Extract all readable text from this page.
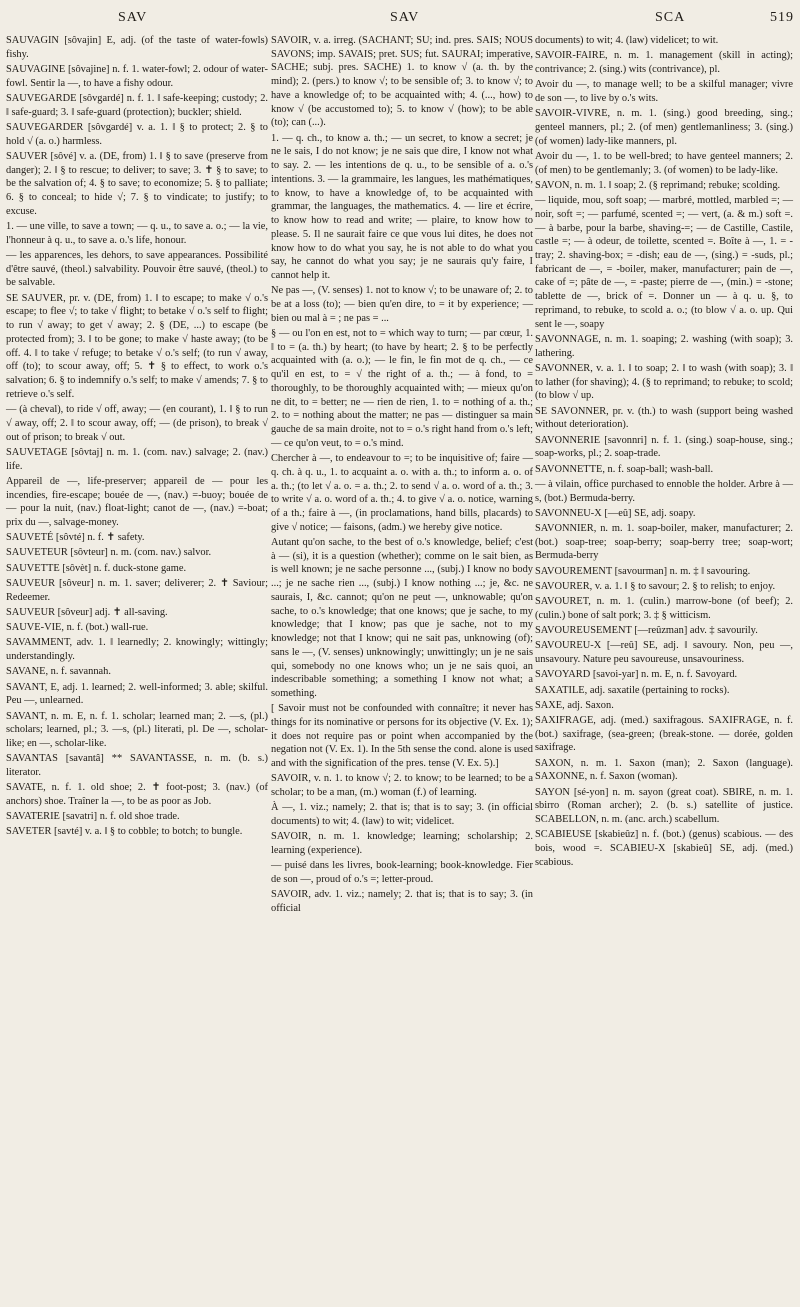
SAV	SAV	SCA	519

SAUVAGIN [sôvajin] E, adj. (of the taste of water-fowls) fishy.

SAUVAGINE [sôvajine] n. f. 1. water-fowl; 2. odour of water-fowl. Sentir la —, to have a fishy odour.

SAUVEGARDE [sôvgardé] n. f. 1. ‖ safe-keeping; custody; 2. ‖ safe-guard; 3. ‖ safe-guard (protection); buckler; shield.

SAUVEGARDER [sôvgardé] v. a. 1. ‖ § to protect; 2. § to hold √ (a. o.) harmless.

SAUVER [sôvé] v. a. (DE, from) 1. ‖ § to save (preserve from danger); 2. ‖ § to rescue; to deliver; to save; 3. ✝ § to save; to be the salvation of; 4. § to save; to economize; 5. § to palliate; 6. § to conceal; to hide √; 7. § to vindicate; to justify; to excuse.

1. — une ville, to save a town; — q. u., to save a. o.; — la vie, l'honneur à q. u., to save a. o.'s life, honour.

— les apparences, les dehors, to save appearances. Possibilité d'être sauvé, (theol.) salvability. Pouvoir être sauvé, (theol.) to be salvable.

SE SAUVER, pr. v. (DE, from) 1. ‖ to escape; to make √ o.'s escape; to flee √; to take √ flight; to betake √ o.'s self to flight; to run √ away; to get √ away; 2. § (DE, ...) to escape (be protected from); 3. ‖ to be gone; to make √ haste away; (to be off. 4. ‖ to take √ refuge; to betake √ o.'s self; (to run √ away, off (to); to scour away, off; 5. ✝ § to effect, to work o.'s salvation; 6. § to indemnify o.'s self; to make √ amends; 7. § to retrieve o.'s self.

— (à cheval), to ride √ off, away; — (en courant), 1. ‖ § to run √ away, off; 2. ‖ to scour away, off; — (de prison), to break √ out of prison; to break √ out.

SAUVETAGE [sôvtaj] n. m. 1. (com. nav.) salvage; 2. (nav.) life.

Appareil de —, life-preserver; appareil de — pour les incendies, fire-escape; bouée de —, (nav.) =-buoy; bouée de — pour la nuit, (nav.) float-light; canot de —, (nav.) =-boat; prix du —, salvage-money.

SAUVETÉ [sôvté] n. f. ✝ safety.

SAUVETEUR [sôvteur] n. m. (com. nav.) salvor.

SAUVETTE [sôvèt] n. f. duck-stone game.

SAUVEUR [sôveur] n. m. 1. saver; deliverer; 2. ✝ Saviour; Redeemer.

SAUVEUR [sôveur] adj. ✝ all-saving.

SAUVE-VIE, n. f. (bot.) wall-rue.

SAVAMMENT, adv. 1. ‖ learnedly; 2. knowingly; wittingly; understandingly.

SAVANE, n. f. savannah.

SAVANT, E, adj. 1. learned; 2. well-informed; 3. able; skilful. Peu —, unlearned.

SAVANT, n. m. E, n. f. 1. scholar; learned man; 2. —s, (pl.) scholars; learned, pl.; 3. —s, (pl.) literati, pl. De —, scholar-like; en —, scholar-like.

SAVANTAS [savantâ] ** SAVANTASSE, n. m. (b. s.) literator.

SAVATE, n. f. 1. old shoe; 2. ✝ foot-post; 3. (nav.) (of anchors) shoe. Traîner la —, to be as poor as Job.

SAVATERIE [savatri] n. f. old shoe trade.

SAVETER [savté] v. a. ‖ § to cobble; to botch; to bungle.

SAVOIR, v. a. irreg. (SACHANT; SU; ind. pres. SAIS; NOUS SAVONS; imp. SAVAIS; pret. SUS; fut. SAURAI; imperative, SACHE; subj. pres. SACHE) 1. to know √ (a. th. by the mind); 2. (pers.) to know √; to be sensible of; 3. to know √; to have a knowledge of; to be acquainted with; 4. (..., how) to know √ (be accustomed to); 5. to know √ (how); to be able (to); can (...).

1. — q. ch., to know a. th.; — un secret, to know a secret; je ne le sais, I do not know; je ne sais que dire, I know not what to say. 2. — les intentions de q. u., to be sensible of a. o.'s intentions. 3. — la grammaire, les langues, les mathématiques, to know, to have a knowledge of, to be acquainted with grammar, the languages, the mathematics. 4. — lire et écrire, to know how to read and write; — plaire, to know how to please. 5. Il ne saurait faire ce que vous lui dites, he does not know how to do what you say, he is not able to do what you say, he cannot do what you say; je ne saurais qu'y faire, I cannot help it.

Ne pas —, (V. senses) 1. not to know √; to be unaware of; 2. to be at a loss (to); — bien qu'en dire, to = it by experience; — bien ou mal à = ; ne pas = ...

§ — ou l'on en est, not to = which way to turn; — par cœur, 1. ‖ to = (a. th.) by heart; (to have by heart; 2. § to be perfectly acquainted with (a. o.); — le fin, le fin mot de q. ch., — ce qu'il en est, to = √ the right of a. th.; — à fond, to = thoroughly, to be thoroughly acquainted with; — mieux qu'on ne dit, to = better; ne — rien de rien, 1. to = nothing of a. th.; 2. to = nothing about the matter; ne pas — distinguer sa main gauche de sa main droite, not to = o.'s right hand from o.'s left; — ce qu'on veut, to = o.'s mind.

Chercher à —, to endeavour to =; to be inquisitive of; faire — q. ch. à q. u., 1. to acquaint a. o. with a. th.; to inform a. o. of a. th.; (to let √ a. o. = a. th.; 2. to send √ a. o. word of a. th.; 3. to write √ a. o. word of a. th.; 4. to give √ a. o. notice, warning of a th.; faire à —, (in proclamations, hand bills, placards) to give √ notice; — faisons, (adm.) we hereby give notice.

Autant qu'on sache, to the best of o.'s knowledge, belief; c'est à — (si), it is a question (whether); comme on le sait bien, as is well known; je ne sache personne ..., (subj.) I know no body ...; je ne sache rien ..., (subj.) I know nothing ...; je, &c. ne saurais, I, &c. cannot; qu'on ne peut —, unknowable; qu'on sache, to o.'s knowledge; that one knows; que je sache, to my knowledge; that I know; pas que je sache, not to my knowledge; not that I know; qui ne sait pas, unknowing (of); sans le —, (V. senses) unknowingly; unwittingly; un je ne sais qui, somebody no one knows who; un je ne sais quoi, an indescribable something; a something I know not what; a something.

[ Savoir must not be confounded with connaître; it never has things for its nominative or persons for its objective (V. Ex. 1); it does not require pas or point when accompanied by the negation not (V. Ex. 1). In the 5th sense the cond. alone is used and with the signification of the pres. tense (V. Ex. 5).]

SAVOIR, v. n. 1. to know √; 2. to know; to be learned; to be a scholar; to be a man, (m.) woman (f.) of learning.

À —, 1. viz.; namely; 2. that is; that is to say; 3. (in official documents) to wit; 4. (law) to wit; videlicet.

SAVOIR, n. m. 1. knowledge; learning; scholarship; 2. learning (experience).

— puisé dans les livres, book-learning; book-knowledge. Fier de son —, proud of o.'s =; letter-proud.

SAVOIR, adv. 1. viz.; namely; 2. that is; that is to say; 3. (in official

documents) to wit; 4. (law) videlicet; to wit.

SAVOIR-FAIRE, n. m. 1. management (skill in acting); contrivance; 2. (sing.) wits (contrivance), pl.

Avoir du —, to manage well; to be a skilful manager; vivre de son —, to live by o.'s wits.

SAVOIR-VIVRE, n. m. 1. (sing.) good breeding, sing.; genteel manners, pl.; 2. (of men) gentlemanliness; 3. (sing.) (of women) lady-like manners, pl.

Avoir du —, 1. to be well-bred; to have genteel manners; 2. (of men) to be gentlemanly; 3. (of women) to be lady-like.

SAVON, n. m. 1. ‖ soap; 2. (§ reprimand; rebuke; scolding.

— liquide, mou, soft soap; — marbré, mottled, marbled =; — noir, soft =; — parfumé, scented =; — vert, (a. & m.) soft =. — à barbe, pour la barbe, shaving-=; — de Castille, Castile, castle =; — à odeur, de toilette, scented =. Boîte à —, 1. = -tray; 2. shaving-box; = -dish; eau de —, (sing.) = -suds, pl.; fabricant de —, = -boiler, maker, manufacturer; pain de —, cake of =; pâte de —, = -paste; pierre de —, (min.) = -stone; tablette de —, brick of =. Donner un — à q. u. §, to reprimand, to rebuke, to scold a. o.; (to blow √ a. o. up. Qui sent le —, soapy

SAVONNAGE, n. m. 1. soaping; 2. washing (with soap); 3. lathering.

SAVONNER, v. a. 1. ‖ to soap; 2. ‖ to wash (with soap); 3. ‖ to lather (for shaving); 4. (§ to reprimand; to rebuke; to scold; (to blow √ up.

SE SAVONNER, pr. v. (th.) to wash (support being washed without deterioration).

SAVONNERIE [savonnri] n. f. 1. (sing.) soap-house, sing.; soap-works, pl.; 2. soap-trade.

SAVONNETTE, n. f. soap-ball; wash-ball.

— à vilain, office purchased to ennoble the holder. Arbre à —s, (bot.) Bermuda-berry.

SAVONNEU-X [—eû] SE, adj. soapy.

SAVONNIER, n. m. 1. soap-boiler, maker, manufacturer; 2. (bot.) soap-tree; soap-berry; soap-berry tree; soap-wort; Bermuda-berry

SAVOUREMENT [savourman] n. m. ‡ ‖ savouring.

SAVOURER, v. a. 1. ‖ § to savour; 2. § to relish; to enjoy.

SAVOURET, n. m. 1. (culin.) marrow-bone (of beef); 2. (culin.) bone of salt pork; 3. ‡ § witticism.

SAVOUREUSEMENT [—reûzman] adv. ‡ savourily.

SAVOUREU-X [—reû] SE, adj. ‖ savoury. Non, peu —, unsavoury. Nature peu savoureuse, unsavouriness.

SAVOYARD [savoi-yar] n. m. E, n. f. Savoyard.

SAXATILE, adj. saxatile (pertaining to rocks).

SAXE, adj. Saxon.

SAXIFRAGE, adj. (med.) saxifragous. SAXIFRAGE, n. f. (bot.) saxifrage, (sea-green; (break-stone. — dorée, golden saxifrage.

SAXON, n. m. 1. Saxon (man); 2. Saxon (language). SAXONNE, n. f. Saxon (woman).

SAYON [sé-yon] n. m. sayon (great coat). SBIRE, n. m. 1. sbirro (Roman archer); 2. (b. s.) satellite of justice. SCABELLON, n. m. (anc. arch.) scabellum.

SCABIEUSE [skabieûz] n. f. (bot.) (genus) scabious. — des bois, wood =. SCABIEU-X [skabieû] SE, adj. (med.) scabious.
